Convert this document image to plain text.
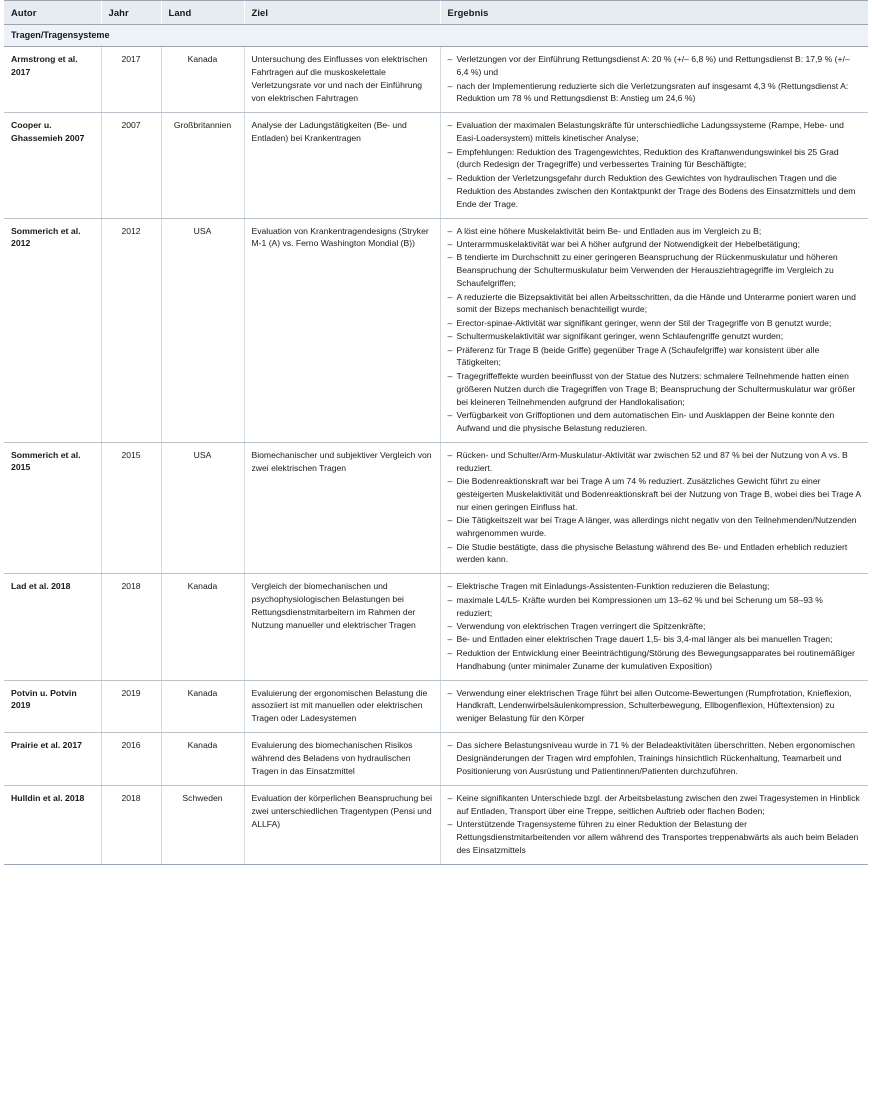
Autor	Jahr	Land	Ziel	Ergebnis
Tragen/Tragensysteme				
Armstrong et al. 2017	2017	Kanada	Untersuchung des Einflusses von elektrischen Fahrtragen auf die muskoskelettale Verletzungsrate vor und nach der Einführung von elektrischen Fahrtragen	
– Verletzungen vor der Einführung Rettungsdienst A: 20 % (+/– 6,8 %) und Rettungsdienst B: 17,9 % (+/– 6,4 %) und
– nach der Implementierung reduzierte sich die Verletzungsraten auf insgesamt 4,3 % (Rettungsdienst A: Reduktion um 78 % und Rettungsdienst B: Anstieg um 24,6 %)

Cooper u. Ghassemieh 2007	2007	Großbritannien	Analyse der Ladungstätigkeiten (Be- und Entladen) bei Krankentragen	
– Evaluation der maximalen Belastungskräfte für unterschiedliche Ladungssysteme (Rampe, Hebe- und Easi-Loadersystem) mittels kinetischer Analyse;
– Empfehlungen: Reduktion des Tragengewichtes, Reduktion des Kraftanwendungswinkel bis 25 Grad (durch Redesign der Tragegriffe) und verbessertes Training für Beschäftigte;
– Reduktion der Verletzungsgefahr durch Reduktion des Gewichtes von hydraulischen Tragen und die Reduktion des Abstandes zwischen den Kontaktpunkt der Trage des Bodens des Einsatzmittels und dem Ende der Trage.

Sommerich et al. 2012	2012	USA	Evaluation von Krankentragendesigns (Stryker M-1 (A) vs. Ferno Washington Mondial (B))	
– A löst eine höhere Muskelaktivität beim Be- und Entladen aus im Vergleich zu B;
– Unterarmmuskelaktivität war bei A höher aufgrund der Notwendigkeit der Hebelbetätigung;
– B tendierte im Durchschnitt zu einer geringeren Beanspruchung der Rückenmuskulatur und höheren Beanspruchung der Schultermuskulatur beim Verwenden der Herausziehtragegriffe im Vergleich zu Schaufelgriffen;
– A reduzierte die Bizepsaktivität bei allen Arbeitsschritten, da die Hände und Unterarme poniert waren und somit der Bizeps mechanisch benachteiligt wurde;
– Erector-spinae-Aktivität war signifikant geringer, wenn der Stil der Tragegriffe von B genutzt wurde;
– Schultermuskelaktivität war signifikant geringer, wenn Schlaufengriffe genutzt wurden;
– Präferenz für Trage B (beide Griffe) gegenüber Trage A (Schaufelgriffe) war konsistent über alle Tätigkeiten;
– Tragegriffeffekte wurden beeinflusst von der Statue des Nutzers: schmalere Teilnehmende hatten einen größeren Nutzen durch die Tragegriffen von Trage B; Beanspruchung der Schultermuskulatur war größer bei kleineren Teilnehmenden aufgrund der Handlokalisation;
– Verfügbarkeit von Griffoptionen und dem automatischen Ein- und Ausklappen der Beine konnte den Aufwand und die physische Belastung reduzieren.

Sommerich et al. 2015	2015	USA	Biomechanischer und subjektiver Vergleich von zwei elektrischen Tragen	
– Rücken- und Schulter/Arm-Muskulatur-Aktivität war zwischen 52 und 87 % bei der Nutzung von A vs. B reduziert.
– Die Bodenreaktionskraft war bei Trage A um 74 % reduziert. Zusätzliches Gewicht führt zu einer gesteigerten Muskelaktivität und Bodenreaktionskraft bei der Nutzung von Trage B, wobei dies bei Trage A nur einen geringen Einfluss hat.
– Die Tätigkeitszeit war bei Trage A länger, was allerdings nicht negativ von den Teilnehmenden/Nutzenden wahrgenommen wurde.
– Die Studie bestätigte, dass die physische Belastung während des Be- und Entladen erheblich reduziert werden kann.

Lad et al. 2018	2018	Kanada	Vergleich der biomechanischen und psychophysiologischen Belastungen bei Rettungsdienstmitarbeitern im Rahmen der Nutzung manueller und elektrischer Tragen	
– Elektrische Tragen mit Einladungs-Assistenten-Funktion reduzieren die Belastung;
– maximale L4/L5- Kräfte wurden bei Kompressionen um 13–62 % und bei Scherung um 58–93 % reduziert;
– Verwendung von elektrischen Tragen verringert die Spitzenkräfte;
– Be- und Entladen einer elektrischen Trage dauert 1,5- bis 3,4-mal länger als bei manuellen Tragen;
– Reduktion der Entwicklung einer Beeinträchtigung/Störung des Bewegungsapparates bei routinemäßiger Handhabung (unter minimaler Zuname der kumulativen Exposition)

Potvin u. Potvin 2019	2019	Kanada	Evaluierung der ergonomischen Belastung die assoziiert ist mit manuellen oder elektrischen Tragen oder Ladesystemen	
– Verwendung einer elektrischen Trage führt bei allen Outcome-Bewertungen (Rumpfrotation, Knieflexion, Handkraft, Lendenwirbelsäulenkompression, Schulterbewegung, Ellbogenflexion, Hüftextension) zu weniger Belastung für den Körper

Prairie et al. 2017	2016	Kanada	Evaluierung des biomechanischen Risikos während des Beladens von hydraulischen Tragen in das Einsatzmittel	
– Das sichere Belastungsniveau wurde in 71 % der Beladeaktivitäten überschritten. Neben ergonomischen Designänderungen der Tragen wird empfohlen, Trainings hinsichtlich Rückenhaltung, Teamarbeit und Positionierung von Ausrüstung und Patientinnen/Patienten durchzuführen.

Hulldin et al. 2018	2018	Schweden	Evaluation der körperlichen Beanspruchung bei zwei unterschiedlichen Tragentypen (Pensi und ALLFA)	
– Keine signifikanten Unterschiede bzgl. der Arbeitsbelastung zwischen den zwei Tragesystemen in Hinblick auf Entladen, Transport über eine Treppe, seitlichen Auftrieb oder flachen Boden;
– Unterstützende Tragensysteme führen zu einer Reduktion der Belastung der Rettungsdienstmitarbeitenden vor allem während des Transportes treppenabwärts als auch beim Beladen des Einsatzmittels
